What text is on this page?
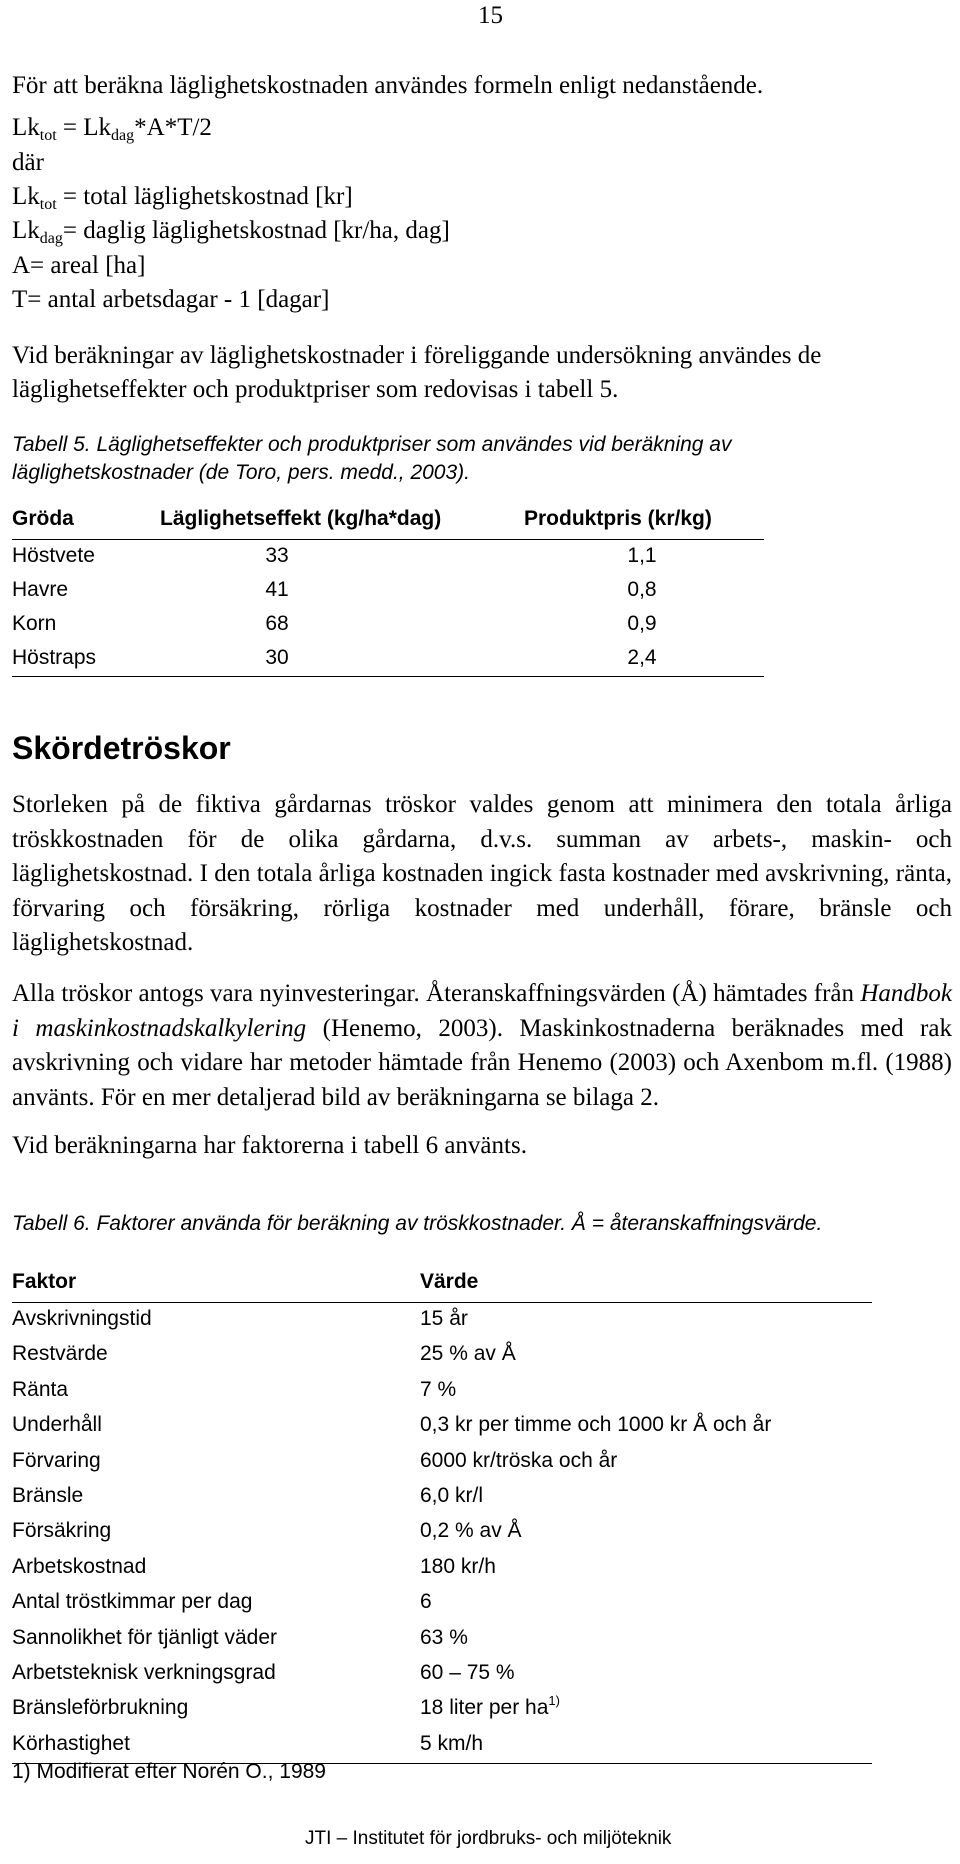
15
För att beräkna läglighetskostnaden användes formeln enligt nedanstående.
$Lk_{tot} = Lk_{dag}*A*T/2$
där
$Lk_{tot}$ = total läglighetskostnad [kr]
$Lk_{dag}=$ daglig läglighetskostnad [kr/ha, dag]
A= areal [ha]
T= antal arbetsdagar - 1 [dagar]
Vid beräkningar av läglighetskostnader i föreliggande undersökning användes de
läglighetseffekter och produktpriser som redovisas i tabell 5.
Tabell 5. Läglighetseffekter och produktpriser som användes vid beräkning av
läglighetskostnader (de Toro, pers. medd., 2003).
Gröda	Läglighetseffekt (kg/ha*dag)	Produktpris (kr/kg)
Höstvete	33	1,1
Havre	41	0,8
Korn	68	0,9
Höstraps	30	2,4
Skördetröskor
Storleken på de fiktiva gårdarnas tröskor valdes genom att minimera den totala årliga tröskkostnaden för de olika gårdarna, d.v.s. summan av arbets-, maskin- och läglighetskostnad. I den totala årliga kostnaden ingick fasta kostnader med avskrivning, ränta, förvaring och försäkring, rörliga kostnader med underhåll, förare, bränsle och läglighetskostnad.
Alla tröskor antogs vara nyinvesteringar. Återanskaffningsvärden (Å) hämtades från Handbok i maskinkostnadskalkylering (Henemo, 2003). Maskinkostnaderna beräknades med rak avskrivning och vidare har metoder hämtade från Henemo (2003) och Axenbom m.fl. (1988) använts. För en mer detaljerad bild av beräkningarna se bilaga 2.
Vid beräkningarna har faktorerna i tabell 6 använts.
Tabell 6. Faktorer använda för beräkning av tröskkostnader. Å = återanskaffningsvärde.
Faktor	Värde
Avskrivningstid	15 år
Restvärde	25 % av Å
Ränta	7 %
Underhåll	0,3 kr per timme och 1000 kr Å och år
Förvaring	6000 kr/tröska och år
Bränsle	6,0 kr/l
Försäkring	0,2 % av Å
Arbetskostnad	180 kr/h
Antal tröstkimmar per dag	6
Sannolikhet för tjänligt väder	63 %
Arbetsteknisk verkningsgrad	60 – 75 %
Bränsleförbrukning	18 liter per $ha^{1)}$
Körhastighet	5 km/h
1) Modifierat efter Norén O., 1989
JTI – Institutet för jordbruks- och miljöteknik
